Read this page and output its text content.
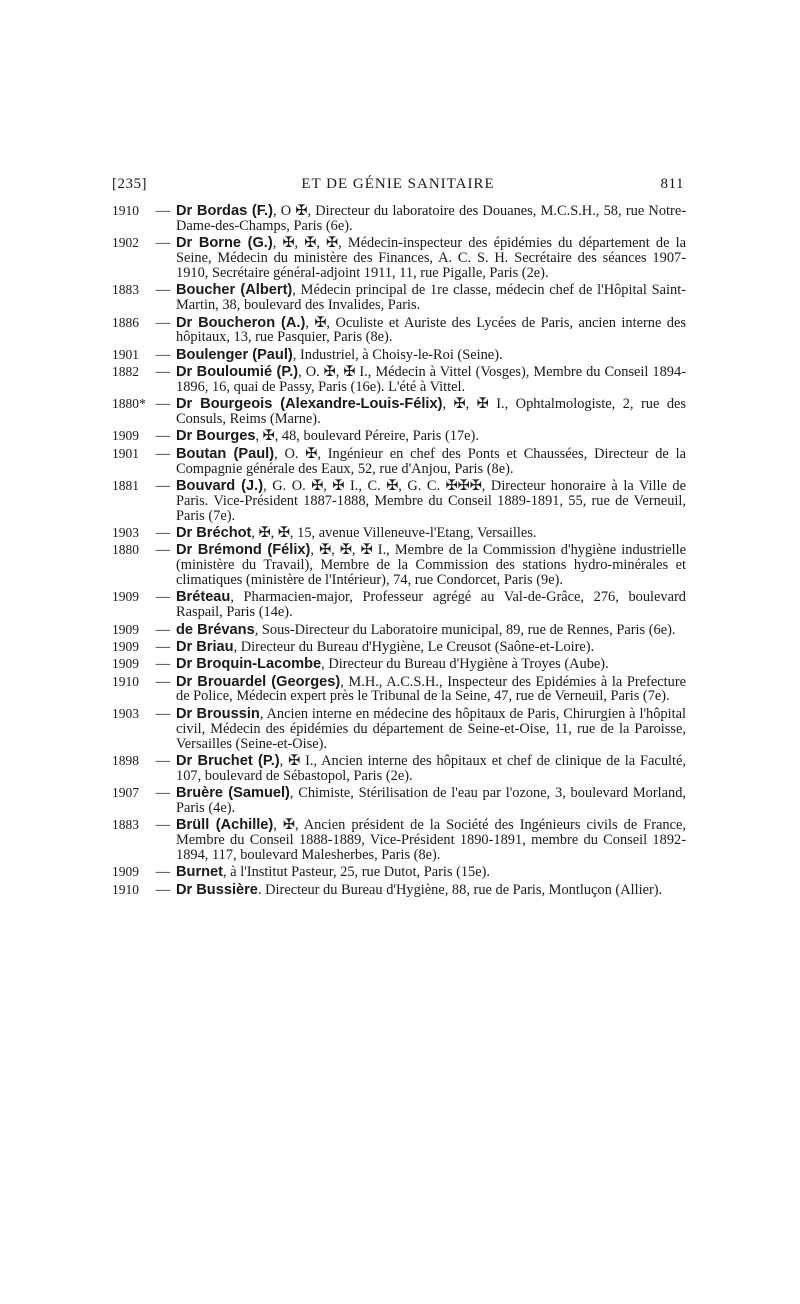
[235]	ET DE GÉNIE SANITAIRE	811
1910	— Dr Bordas (F.), O ✠, Directeur du laboratoire des Douanes, M.C.S.H., 58, rue Notre-Dame-des-Champs, Paris (6e).
1902	— Dr Borne (G.), ✠, ✠, ✠, Médecin-inspecteur des épidémies du département de la Seine, Médecin du ministère des Finances, A. C. S. H. Secrétaire des séances 1907-1910, Secrétaire général-adjoint 1911, 11, rue Pigalle, Paris (2e).
1883	— Boucher (Albert), Médecin principal de 1re classe, médecin chef de l'Hôpital Saint-Martin, 38, boulevard des Invalides, Paris.
1886	— Dr Boucheron (A.), ✠, Oculiste et Auriste des Lycées de Paris, ancien interne des hôpitaux, 13, rue Pasquier, Paris (8e).
1901	— Boulenger (Paul), Industriel, à Choisy-le-Roi (Seine).
1882	— Dr Bouloumié (P.), O. ✠, ✠ I., Médecin à Vittel (Vosges), Membre du Conseil 1894-1896, 16, quai de Passy, Paris (16e). L'été à Vittel.
1880* — Dr Bourgeois (Alexandre-Louis-Félix), ✠, ✠ I., Ophtalmologiste, 2, rue des Consuls, Reims (Marne).
1909	— Dr Bourges, ✠, 48, boulevard Péreire, Paris (17e).
1901	— Boutan (Paul), O. ✠, Ingénieur en chef des Ponts et Chaussées, Directeur de la Compagnie générale des Eaux, 52, rue d'Anjou, Paris (8e).
1881	— Bouvard (J.), G. O. ✠, ✠ I., C. ✠, G. C. ✠✠✠, Directeur honoraire à la Ville de Paris. Vice-Président 1887-1888, Membre du Conseil 1889-1891, 55, rue de Verneuil, Paris (7e).
1903	— Dr Bréchot, ✠, ✠, 15, avenue Villeneuve-l'Etang, Versailles.
1880	— Dr Brémond (Félix), ✠, ✠, ✠ I., Membre de la Commission d'hygiène industrielle (ministère du Travail), Membre de la Commission des stations hydro-minérales et climatiques (ministère de l'Intérieur), 74, rue Condorcet, Paris (9e).
1909	— Bréteau, Pharmacien-major, Professeur agrégé au Val-de-Grâce, 276, boulevard Raspail, Paris (14e).
1909	— de Brévans, Sous-Directeur du Laboratoire municipal, 89, rue de Rennes, Paris (6e).
1909	— Dr Briau, Directeur du Bureau d'Hygiène, Le Creusot (Saône-et-Loire).
1909	— Dr Broquin-Lacombe, Directeur du Bureau d'Hygiène à Troyes (Aube).
1910	— Dr Brouardel (Georges), M.H., A.C.S.H., Inspecteur des Epidémies à la Prefecture de Police, Médecin expert près le Tribunal de la Seine, 47, rue de Verneuil, Paris (7e).
1903	— Dr Broussin, Ancien interne en médecine des hôpitaux de Paris, Chirurgien à l'hôpital civil, Médecin des épidémies du département de Seine-et-Oise, 11, rue de la Paroisse, Versailles (Seine-et-Oise).
1898	— Dr Bruchet (P.), ✠ I., Ancien interne des hôpitaux et chef de clinique de la Faculté, 107, boulevard de Sébastopol, Paris (2e).
1907	— Bruère (Samuel), Chimiste, Stérilisation de l'eau par l'ozone, 3, boulevard Morland, Paris (4e).
1883	— Brüll (Achille), ✠, Ancien président de la Société des Ingénieurs civils de France, Membre du Conseil 1888-1889, Vice-Président 1890-1891, membre du Conseil 1892-1894, 117, boulevard Malesherbes, Paris (8e).
1909	— Burnet, à l'Institut Pasteur, 25, rue Dutot, Paris (15e).
1910	— Dr Bussière. Directeur du Bureau d'Hygiène, 88, rue de Paris, Montluçon (Allier).
